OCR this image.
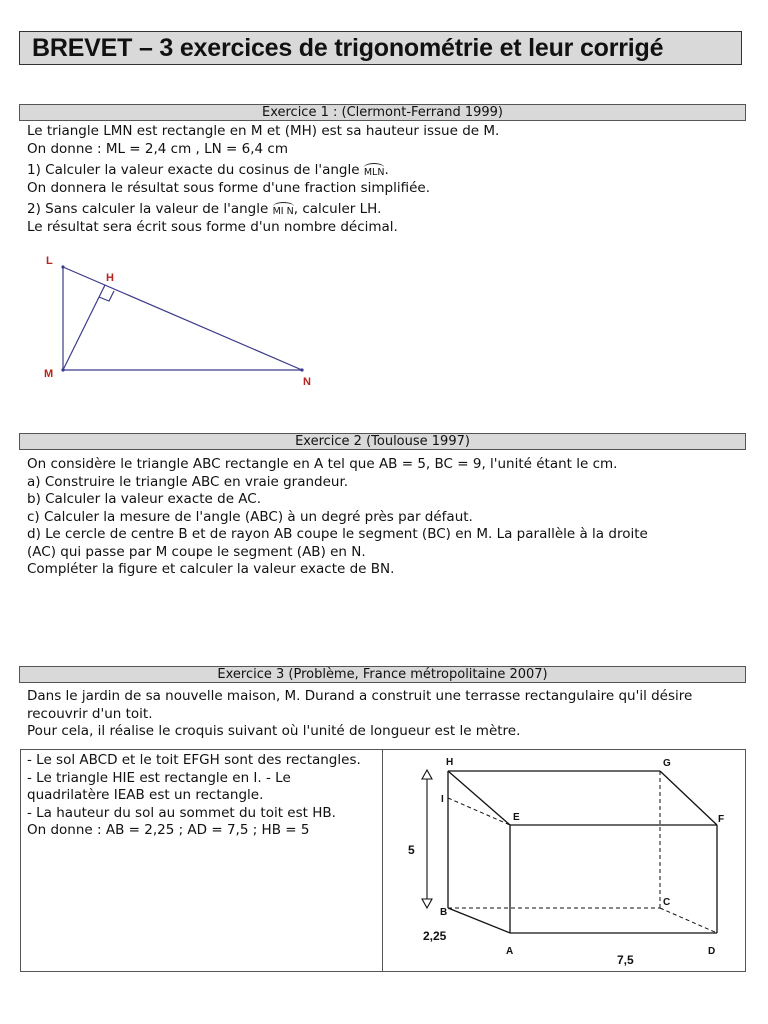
BREVET – 3 exercices de trigonométrie et leur corrigé
Exercice 1 : (Clermont-Ferrand 1999)

Le triangle LMN est rectangle en M et (MH) est sa hauteur issue de M.

On donne : ML = 2,4 cm , LN = 6,4 cm

1) Calculer la valeur exacte du cosinus de l'angle MLN.

On donnera le résultat sous forme d'une fraction simplifiée.

2) Sans calculer la valeur de l'angle MI N, calculer LH.

Le résultat sera écrit sous forme d'un nombre décimal.

L
H
M
N
Exercice 2 (Toulouse 1997)

On considère le triangle ABC rectangle en A tel que AB = 5, BC = 9, l'unité étant le cm.

a) Construire le triangle ABC en vraie grandeur.

b) Calculer la valeur exacte de AC.

c) Calculer la mesure de l'angle (ABC) à un degré près par défaut.

d) Le cercle de centre B et de rayon AB coupe le segment (BC) en M. La parallèle à la droite

(AC) qui passe par M coupe le segment (AB) en N.

Compléter la figure et calculer la valeur exacte de BN.

Exercice 3 (Problème, France métropolitaine 2007)

Dans le jardin de sa nouvelle maison, M. Durand a construit une terrasse rectangulaire qu'il désire

recouvrir d'un toit.

Pour cela, il réalise le croquis suivant où l'unité de longueur est le mètre.

- Le sol ABCD et le toit EFGH sont des rectangles.

- Le triangle HIE est rectangle en I. - Le quadrilatère IEAB est un rectangle.

- La hauteur du sol au sommet du toit est HB.

On donne : AB = 2,25 ; AD = 7,5 ; HB = 5

H	G
I
E	F
B
C
A	D
5
2,25
7,5
